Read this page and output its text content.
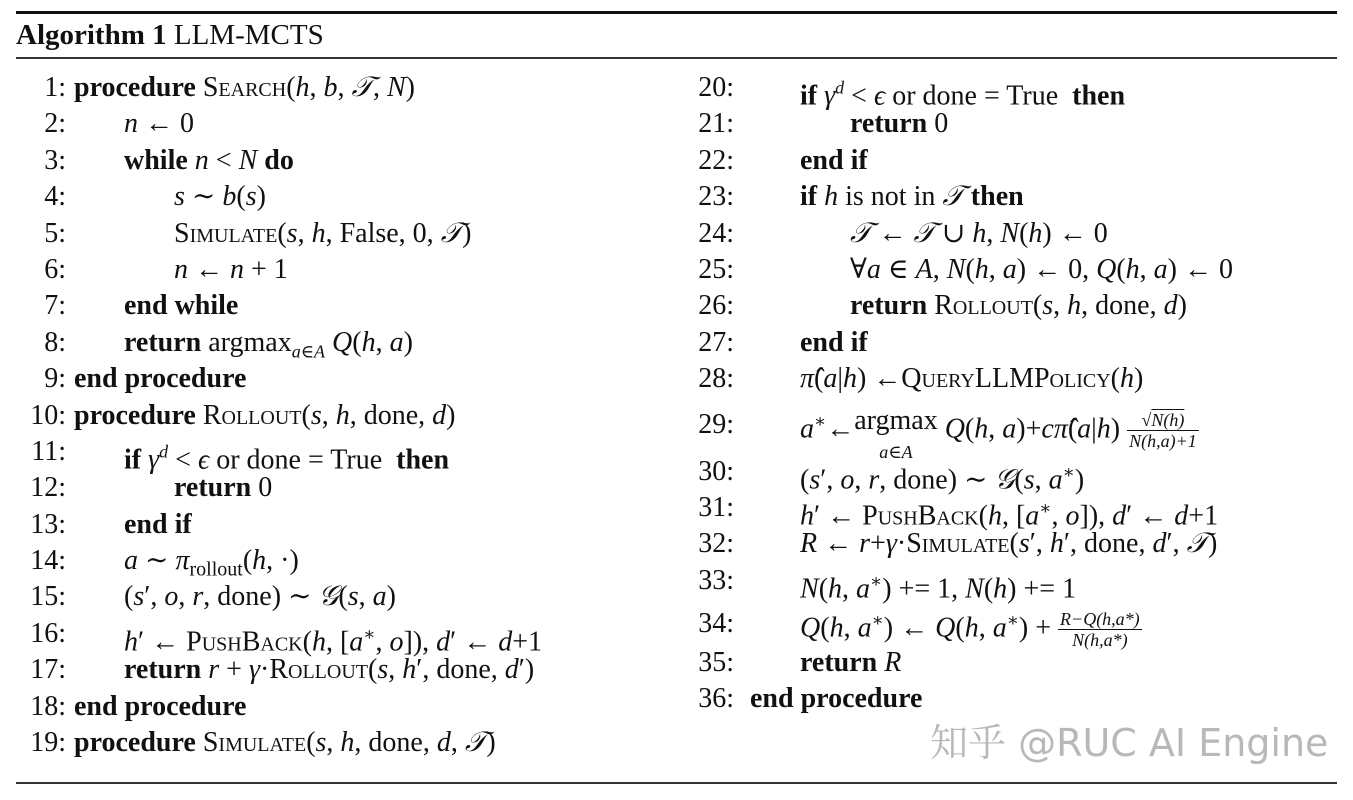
Algorithm 1 LLM-MCTS
1: procedure Search(h, b, 𝒯, N)
2: n ← 0
3: while n < N do
4:	s ∼ b(s)
5:	Simulate(s, h, False, 0, 𝒯)
6:	n ← n + 1
7: end while
8: return argmax$_{a\in A}$ Q(h, a)
9: end procedure
10: procedure Rollout(s, h, done, d)
11: if $\gamma^d < \epsilon$ or done = True  then
12:	return 0
13: end if
14: a ∼ $\pi_{rollout}(h$, ·)
15: (s′, o, r, done) ∼ 𝒢(s, a)
16: h′ ← PushBack(h, [a∗, o]), d′ ← d+1
17: return r + γ·Rollout(s, h′, done, d′)
18: end procedure
19: procedure Simulate(s, h, done, d, 𝒯)
20: if $\gamma^d < \epsilon$ or done = True  then
21:	return 0
22: end if
23: if h is not in 𝒯 then
24:	𝒯 ← 𝒯 ∪ h, N(h) ← 0
25:	∀a ∈ A, N(h, a) ← 0, Q(h, a) ← 0
26:	return Rollout(s, h, done, d)
27: end if
28: π̂(a|h) ←QueryLLMPolicy(h)
29: a∗←argmax
a∈A
Q(h, a)+cπ̂(a|h) $\frac{√N(h)}{N(h,a)+1}$
30: (s′, o, r, done) ∼ 𝒢(s, a∗)
31: h′ ← PushBack(h, [a∗, o]), d′ ← d+1
32: R ← r+γ·Simulate(s′, h′, done, d′, 𝒯)
33: N(h, a∗) += 1, N(h) += 1
34: Q(h, a∗) ← Q(h, $a^∗) + \frac{R-Q(h,a*)}{N(h,a*)}$
35: return R
36: end procedure
知乎 @RUC AI Engine
